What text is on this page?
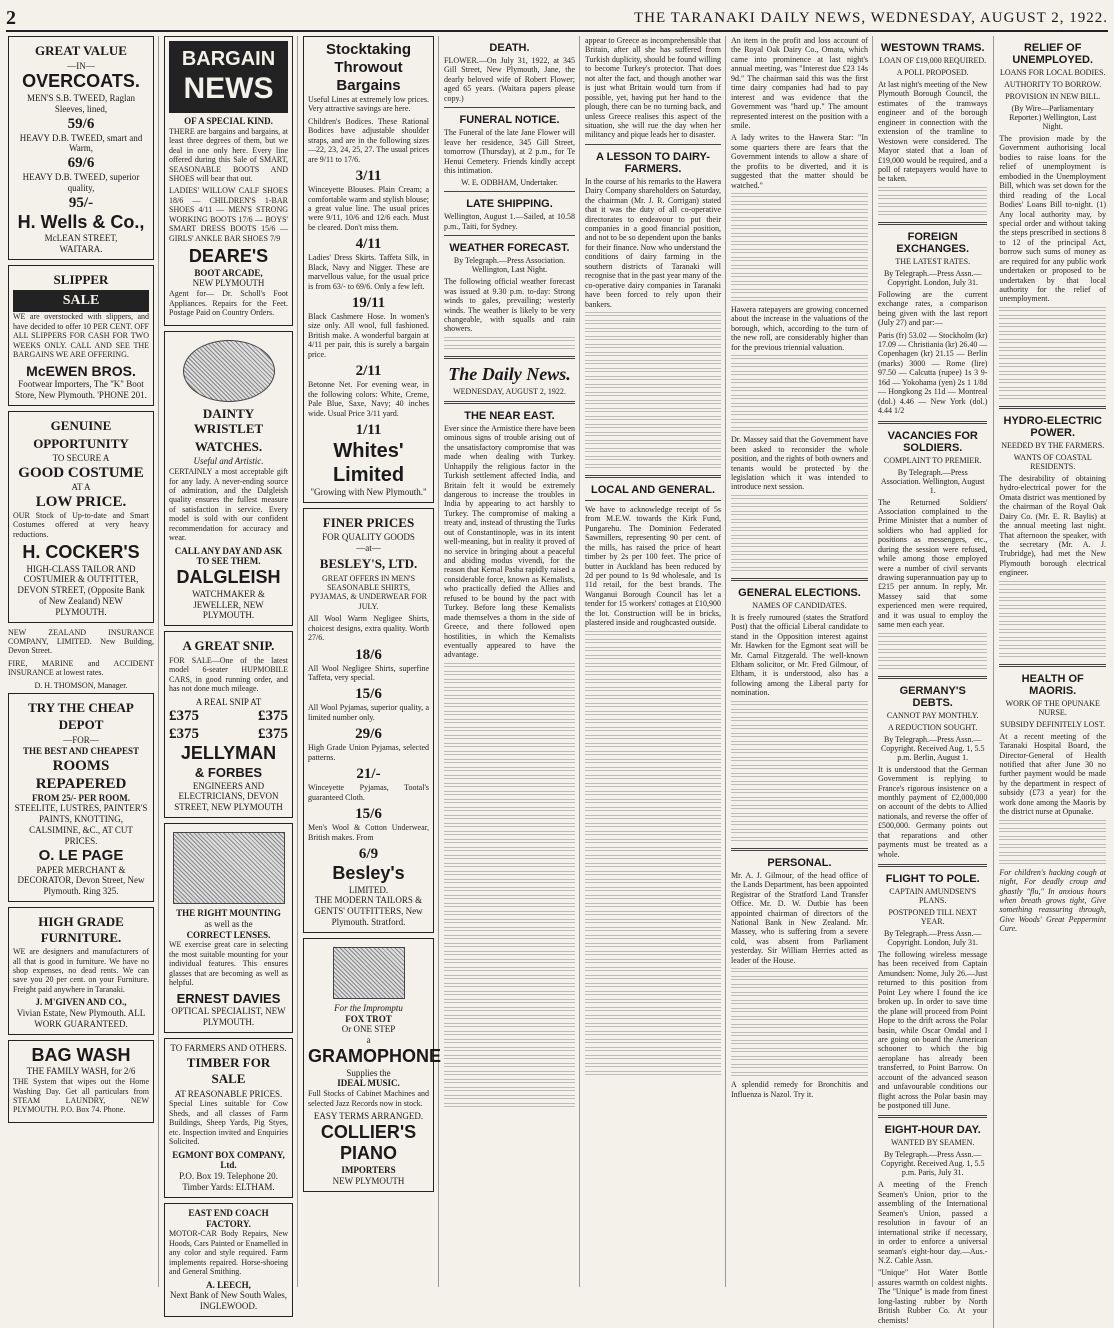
2	THE TARANAKI DAILY NEWS, WEDNESDAY, AUGUST 2, 1922.
GREAT VALUE
—IN—
OVERCOATS.
MEN'S S.B. TWEED, Raglan Sleeves, lined,
59/6
HEAVY D.B. TWEED, smart and Warm,
69/6
HEAVY D.B. TWEED, superior quality,
95/-
H. Wells & Co.,
McLEAN STREET,
WAITARA.
SLIPPER
SALE
WE are overstocked with slippers, and have decided to offer 10 PER CENT. OFF ALL SLIPPERS FOR CASH FOR TWO WEEKS ONLY. CALL AND SEE THE BARGAINS WE ARE OFFERING.
McEWEN BROS.
Footwear Importers, The "K" Boot Store, New Plymouth. 'PHONE 201.
GENUINE
OPPORTUNITY
TO SECURE A
GOOD COSTUME
AT A
LOW PRICE.
OUR Stock of Up-to-date and Smart Costumes offered at very heavy reductions.
H. COCKER'S
HIGH-CLASS TAILOR AND COSTUMIER & OUTFITTER, DEVON STREET, (Opposite Bank of New Zealand) NEW PLYMOUTH.
NEW ZEALAND INSURANCE COMPANY, LIMITED. New Building, Devon Street.
FIRE, MARINE and ACCIDENT INSURANCE at lowest rates.
D. H. THOMSON, Manager.
TRY THE CHEAP
DEPOT
—FOR—
THE BEST AND CHEAPEST
ROOMS REPAPERED
FROM 25/- PER ROOM.
STEELITE, LUSTRES, PAINTER'S PAINTS, KNOTTING, CALSIMINE, &C., AT CUT PRICES.
O. LE PAGE
PAPER MERCHANT & DECORATOR, Devon Street, New Plymouth. Ring 325.
HIGH GRADE FURNITURE.
WE are designers and manufacturers of all that is good in furniture. We have no shop expenses, no dead rents. We can save you 20 per cent. on your Furniture. Freight paid anywhere in Taranaki.
J. M'GIVEN AND CO.,
Vivian Estate, New Plymouth. ALL WORK GUARANTEED.
BAG WASH
THE FAMILY WASH, for 2/6
THE System that wipes out the Home Washing Day. Get all particulars from STEAM LAUNDRY, NEW PLYMOUTH. P.O. Box 74. Phone.
BARGAIN
NEWS
OF A SPECIAL KIND.
THERE are bargains and bargains, at least three degrees of them, but we deal in one only here. Every line offered during this Sale of SMART, SEASONABLE BOOTS AND SHOES will bear that out.
LADIES' WILLOW CALF SHOES 18/6 — CHILDREN'S 1-BAR SHOES 4/11 — MEN'S STRONG WORKING BOOTS 17/6 — BOYS' SMART DRESS BOOTS 15/6 — GIRLS' ANKLE BAR SHOES 7/9
DEARE'S
BOOT ARCADE,
NEW PLYMOUTH
Agent for— Dr. Scholl's Foot Appliances. Repairs for the Feet. Postage Paid on Country Orders.
DAINTY WRISTLET
WATCHES.
Useful and Artistic.
CERTAINLY a most acceptable gift for any lady. A never-ending source of admiration, and the Dalgleish quality ensures the fullest measure of satisfaction in service. Every model is sold with our confident recommendation for accuracy and wear.
CALL ANY DAY AND ASK TO SEE THEM.
DALGLEISH
WATCHMAKER & JEWELLER, NEW PLYMOUTH.
A GREAT SNIP.
FOR SALE—One of the latest model 6-seater HUPMOBILE CARS, in good running order, and has not done much mileage.
A REAL SNIP AT
£375	£375
£375	£375
JELLYMAN
& FORBES
ENGINEERS AND ELECTRICIANS, DEVON STREET, NEW PLYMOUTH
THE RIGHT MOUNTING
as well as the
CORRECT LENSES.
WE exercise great care in selecting the most suitable mounting for your individual features. This ensures glasses that are becoming as well as helpful.
ERNEST DAVIES
OPTICAL SPECIALIST, NEW PLYMOUTH.
TO FARMERS AND OTHERS.
TIMBER FOR SALE
AT REASONABLE PRICES.
Special Lines suitable for Cow Sheds, and all classes of Farm Buildings, Sheep Yards, Pig Styes, etc. Inspection invited and Enquiries Solicited.
EGMONT BOX COMPANY, Ltd.
P.O. Box 19. Telephone 20. Timber Yards: ELTHAM.
EAST END COACH FACTORY.
MOTOR-CAR Body Repairs, New Hoods, Cars Painted or Enamelled in any color and style required. Farm implements repaired. Horse-shoeing and General Smithing.
A. LEECH,
Next Bank of New South Wales, INGLEWOOD.
Stocktaking
Throwout
Bargains
Useful Lines at extremely low prices. Very attractive savings are here.
Children's Bodices. These Rational Bodices have adjustable shoulder straps, and are in the following sizes—22, 23, 24, 25, 27. The usual prices are 9/11 to 17/6.
3/11
Winceyette Blouses. Plain Cream; a comfortable warm and stylish blouse; a great value line. The usual prices were 9/11, 10/6 and 12/6 each. Must be cleared. Don't miss them.
4/11
Ladies' Dress Skirts. Taffeta Silk, in Black, Navy and Nigger. These are marvellous value, for the usual price is from 63/- to 69/6. Only a few left.
19/11
Black Cashmere Hose. In women's size only. All wool, full fashioned. British make. A wonderful bargain at 4/11 per pair, this is surely a bargain price.
2/11
Betonne Net. For evening wear, in the following colors: White, Creme, Pale Blue, Saxe, Navy; 40 inches wide. Usual Price 3/11 yard.
1/11
Whites' Limited
"Growing with New Plymouth."
FINER PRICES
FOR QUALITY GOODS
—at—
BESLEY'S, LTD.
GREAT OFFERS IN MEN'S SEASONABLE SHIRTS, PYJAMAS, & UNDERWEAR FOR JULY.
All Wool Warm Negligee Shirts, choicest designs, extra quality. Worth 27/6.
18/6
All Wool Negligee Shirts, superfine Taffeta, very special.
15/6
All Wool Pyjamas, superior quality, a limited number only.
29/6
High Grade Union Pyjamas, selected patterns.
21/-
Winceyette Pyjamas, Tootal's guaranteed Cloth.
15/6
Men's Wool & Cotton Underwear, British makes. From
6/9
Besley's
LIMITED.
THE MODERN TAILORS & GENTS' OUTFITTERS, New Plymouth. Stratford.
For the Impromptu
FOX TROT
Or ONE STEP
a
GRAMOPHONE
Supplies the
IDEAL MUSIC.
Full Stocks of Cabinet Machines and selected Jazz Records now in stock.
EASY TERMS ARRANGED.
COLLIER'S
PIANO
IMPORTERS
NEW PLYMOUTH
DEATH.
FLOWER.—On July 31, 1922, at 345 Gill Street, New Plymouth, Jane, the dearly beloved wife of Robert Flower; aged 65 years. (Waitara papers please copy.)
FUNERAL NOTICE.
The Funeral of the late Jane Flower will leave her residence, 345 Gill Street, tomorrow (Thursday), at 2 p.m., for Te Henui Cemetery. Friends kindly accept this intimation.
W. E. ODBHAM, Undertaker.
LATE SHIPPING.
Wellington, August 1.—Sailed, at 10.58 p.m., Taiti, for Sydney.
WEATHER FORECAST.
By Telegraph.—Press Association. Wellington, Last Night.
The following official weather forecast was issued at 9.30 p.m. to-day: Strong winds to gales, prevailing; westerly winds. The weather is likely to be very changeable, with squalls and rain showers.
The Daily News.
WEDNESDAY, AUGUST 2, 1922.
THE NEAR EAST.
Ever since the Armistice there have been ominous signs of trouble arising out of the unsatisfactory compromise that was made when dealing with Turkey. Unhappily the religious factor in the Turkish settlement affected India, and Britain felt it would be extremely dangerous to increase the troubles in India by appearing to act harshly to Turkey. The compromise of making a treaty and, instead of thrusting the Turks out of Constantinople, was in its intent well-meaning, but in reality it proved of no service in bringing about a peaceful and abiding modus vivendi, for the reason that Kemal Pasha rapidly raised a considerable force, known as Kemalists, who practically defied the Allies and refused to be bound by the pact with Turkey. Before long these Kemalists made themselves a thorn in the side of Greece, and there followed open hostilities, in which the Kemalists eventually appeared to have the advantage.
appear to Greece as incomprehensible that Britain, after all she has suffered from Turkish duplicity, should be found willing to become Turkey's protector. That does not alter the fact, and though another war is just what Britain would turn from if possible, yet, having put her hand to the plough, there can be no turning back, and unless Greece realises this aspect of the situation, she will rue the day when her militancy and pique leads her to disaster.
A LESSON TO DAIRY-FARMERS.
In the course of his remarks to the Hawera Dairy Company shareholders on Saturday, the chairman (Mr. J. R. Corrigan) stated that it was the duty of all co-operative directorates to endeavour to put their companies in a good financial position, and not to be so dependent upon the banks for their finance. Now who understand the conditions of dairy farming in the southern districts of Taranaki will recognise that in the past year many of the co-operative dairy companies in Taranaki have been forced to rely upon their bankers.
LOCAL AND GENERAL.
We have to acknowledge receipt of 5s from M.E.W. towards the Kirk Fund, Pungarehu. The Dominion Federated Sawmillers, representing 90 per cent. of the mills, has raised the price of heart timber by 2s per 100 feet. The price of butter in Auckland has been reduced by 2d per pound to 1s 9d wholesale, and 1s 11d retail, for the best brands. The Wanganui Borough Council has let a tender for 15 workers' cottages at £10,900 the lot. Construction will be in bricks, plastered inside and roughcasted outside.
An item in the profit and loss account of the Royal Oak Dairy Co., Omata, which came into prominence at last night's annual meeting, was "Interest due £23 14s 9d." The chairman said this was the first time dairy companies had had to pay interest and was evidence that the Government was "hard up." The amount represented interest on the position with a smile.
A lady writes to the Hawera Star: "In some quarters there are fears that the Government intends to allow a share of the profits to be diverted, and it is suggested that the matter should be watched."
Hawera ratepayers are growing concerned about the increase in the valuations of the borough, which, according to the turn of the new roll, are considerably higher than for the previous triennial valuation.
Dr. Massey said that the Government have been asked to reconsider the whole position, and the rights of both owners and tenants would be protected by the legislation which it was intended to introduce next session.
GENERAL ELECTIONS.
NAMES OF CANDIDATES.
It is freely rumoured (states the Stratford Post) that the official Liberal candidate to stand in the Opposition interest against Mr. Hawken for the Egmont seat will be Mr. Carnal Fitzgerald. The well-known Eltham solicitor, or Mr. Fred Gilmour, of Eltham, it is understood, also has a following among the Liberal party for nomination.
PERSONAL.
Mr. A. J. Gilmour, of the head office of the Lands Department, has been appointed Registrar of the Stratford Land Transfer Office. Mr. D. W. Dutbie has been appointed chairman of directors of the National Bank in New Zealand. Mr. Massey, who is suffering from a severe cold, was absent from Parliament yesterday. Sir William Herries acted as leader of the House.
A splendid remedy for Bronchitis and Influenza is Nazol. Try it.
WESTOWN TRAMS.
LOAN OF £19,000 REQUIRED.
A POLL PROPOSED.
At last night's meeting of the New Plymouth Borough Council, the estimates of the tramways engineer and of the borough engineer in connection with the extension of the tramline to Westown were considered. The Mayor stated that a loan of £19,000 would be required, and a poll of ratepayers would have to be taken.
FOREIGN EXCHANGES.
THE LATEST RATES.
By Telegraph.—Press Assn.—Copyright. London, July 31.
Following are the current exchange rates, a comparison being given with the last report (July 27) and par:—
Paris (fr) 53.02 — Stockholm (kr) 17.09 — Christiania (kr) 26.40 — Copenhagen (kr) 21.15 — Berlin (marks) 3000 — Rome (lire) 97.50 — Calcutta (rupee) 1s 3 9-16d — Yokohama (yen) 2s 1 1/8d — Hongkong 2s 11d — Montreal (dol.) 4.46 — New York (dol.) 4.44 1/2
VACANCIES FOR SOLDIERS.
COMPLAINT TO PREMIER.
By Telegraph.—Press Association. Wellington, August 1.
The Returned Soldiers' Association complained to the Prime Minister that a number of soldiers who had applied for positions as messengers, etc., during the session were refused, while among those employed were a number of civil servants drawing superannuation pay up to £215 per annum. In reply, Mr. Massey said that some experienced men were required, and it was usual to employ the same men each year.
GERMANY'S DEBTS.
CANNOT PAY MONTHLY.
A REDUCTION SOUGHT.
By Telegraph.—Press Assn.—Copyright. Received Aug. 1, 5.5 p.m. Berlin, August 1.
It is understood that the German Government is replying to France's rigorous insistence on a monthly payment of £2,000,000 on account of the debts to Allied nationals, and reverse the offer of £500,000. Germany points out that reparations and other payments must be treated as a whole.
FLIGHT TO POLE.
CAPTAIN AMUNDSEN'S PLANS.
POSTPONED TILL NEXT YEAR.
By Telegraph.—Press Assn.—Copyright. London, July 31.
The following wireless message has been received from Captain Amundsen: Nome, July 26.—Just returned to this position from Point Ley where I found the ice broken up. In order to save time the plane will proceed from Point Hope to the drift across the Polar basin, while Oscar Omdal and I are going on board the American schooner to which the big aeroplane has already been transferred, to Point Barrow. On account of the advanced season and unfavourable conditions our flight across the Polar basin may be postponed till June.
EIGHT-HOUR DAY.
WANTED BY SEAMEN.
By Telegraph.—Press Assn.—Copyright. Received Aug. 1, 5.5 p.m. Paris, July 31.
A meeting of the French Seamen's Union, prior to the assembling of the International Seamen's Union, passed a resolution in favour of an international strike if necessary, in order to enforce a universal seaman's eight-hour day.—Aus.-N.Z. Cable Assn.
"Unique" Hot Water Bottle assures warmth on coldest nights. The "Unique" is made from finest long-lasting rubber by North British Rubber Co. At your chemists!
RELIEF OF UNEMPLOYED.
LOANS FOR LOCAL BODIES.
AUTHORITY TO BORROW.
PROVISION IN NEW BILL.
(By Wire—Parliamentary Reporter.) Wellington, Last Night.
The provision made by the Government authorising local bodies to raise loans for the relief of unemployment is embodied in the Unemployment Bill, which was set down for the third reading of the Local Bodies' Loans Bill to-night. (1) Any local authority may, by special order and without taking the steps prescribed in sections 8 to 12 of the principal Act, borrow such sums of money as are required for any public work undertaken or proposed to be undertaken by that local authority for the relief of unemployment.
HYDRO-ELECTRIC POWER.
NEEDED BY THE FARMERS.
WANTS OF COASTAL RESIDENTS.
The desirability of obtaining hydro-electrical power for the Omata district was mentioned by the chairman of the Royal Oak Dairy Co. (Mr. E. R. Baylis) at the annual meeting last night. That afternoon the speaker, with the secretary (Mr. A. J. Trubridge), had met the New Plymouth borough electrical engineer.
HEALTH OF MAORIS.
WORK OF THE OPUNAKE NURSE.
SUBSIDY DEFINITELY LOST.
At a recent meeting of the Taranaki Hospital Board, the Director-General of Health notified that after June 30 no further payment would be made by the department in respect of subsidy (£73 a year) for the work done among the Maoris by the district nurse at Opunake.
For children's hacking cough at night, For deadly croup and ghastly "flu," In anxious hours when breath grows tight, Give something reassuring through, Give Woods' Great Peppermint Cure.
